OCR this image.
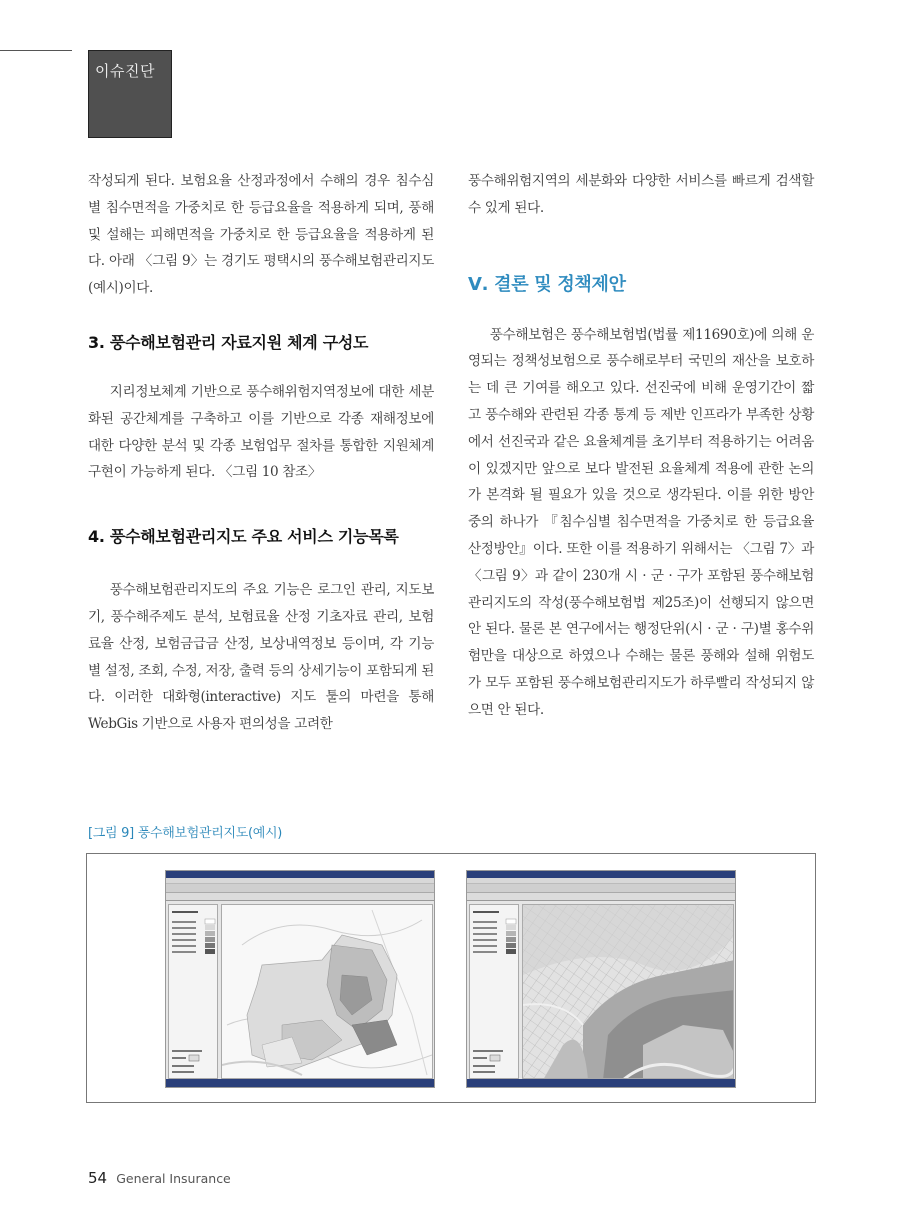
이슈진단

작성되게 된다. 보험요율 산정과정에서 수해의 경우 침수심별 침수면적을 가중치로 한 등급요율을 적용하게 되며, 풍해 및 설해는 피해면적을 가중치로 한 등급요율을 적용하게 된다. 아래 〈그림 9〉는 경기도 평택시의 풍수해보험관리지도(예시)이다.

3. 풍수해보험관리 자료지원 체계 구성도

지리정보체계 기반으로 풍수해위험지역정보에 대한 세분화된 공간체계를 구축하고 이를 기반으로 각종 재해정보에 대한 다양한 분석 및 각종 보험업무 절차를 통합한 지원체계 구현이 가능하게 된다. 〈그림 10 참조〉

4. 풍수해보험관리지도 주요 서비스 기능목록

풍수해보험관리지도의 주요 기능은 로그인 관리, 지도보기, 풍수해주제도 분석, 보험료율 산정 기초자료 관리, 보험료율 산정, 보험금급금 산정, 보상내역정보 등이며, 각 기능별 설정, 조회, 수정, 저장, 출력 등의 상세기능이 포함되게 된다. 이러한 대화형(interactive) 지도 툴의 마련을 통해 WebGis 기반으로 사용자 편의성을 고려한

풍수해위험지역의 세분화와 다양한 서비스를 빠르게 검색할 수 있게 된다.

Ⅴ. 결론 및 정책제안

풍수해보험은 풍수해보험법(법률 제11690호)에 의해 운영되는 정책성보험으로 풍수해로부터 국민의 재산을 보호하는 데 큰 기여를 해오고 있다. 선진국에 비해 운영기간이 짧고 풍수해와 관련된 각종 통계 등 제반 인프라가 부족한 상황에서 선진국과 같은 요율체계를 초기부터 적용하기는 어려움이 있겠지만 앞으로 보다 발전된 요율체계 적용에 관한 논의가 본격화 될 필요가 있을 것으로 생각된다. 이를 위한 방안 중의 하나가 『침수심별 침수면적을 가중치로 한 등급요율 산정방안』이다. 또한 이를 적용하기 위해서는 〈그림 7〉과 〈그림 9〉과 같이 230개 시 · 군 · 구가 포함된 풍수해보험관리지도의 작성(풍수해보험법 제25조)이 선행되지 않으면 안 된다. 물론 본 연구에서는 행정단위(시 · 군 · 구)별 홍수위험만을 대상으로 하였으나 수해는 물론 풍해와 설해 위험도가 모두 포함된 풍수해보험관리지도가 하루빨리 작성되지 않으면 안 된다.

[그림 9] 풍수해보험관리지도(예시)
54 General Insurance
